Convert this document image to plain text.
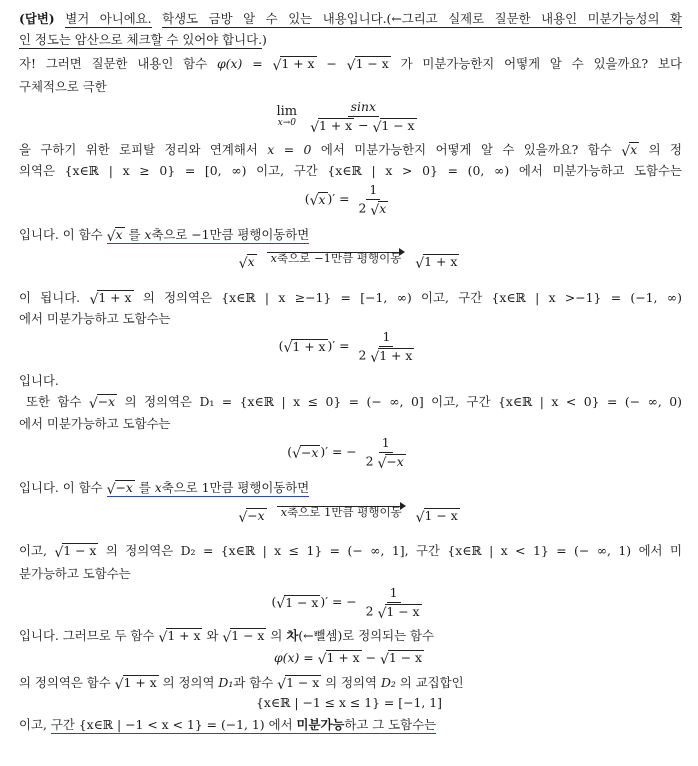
(답변) 별거 아니에요. 학생도 금방 알 수 있는 내용입니다.(←그리고 실제로 질문한 내용인 미분가능성의 확
인 정도는 암산으로 체크할 수 있어야 합니다.)
자! 그러면 질문한 내용인 함수 φ(x) = √ 1 + x − √ 1 − x 가 미분가능한지 어떻게 알 수 있을까요? 보다
구체적으로 극한
lim
x→0
$\frac{\sin x}{√ 1 + x - √ 1 - x}$
을 구하기 위한 로피탈 정리와 연계해서 x = 0 에서 미분가능한지 어떻게 알 수 있을까요? 함수 √ x 의 정
의역은 {x∈ℝ | x ≥ 0} = [0, ∞) 이고, 구간 {x∈ℝ | x > 0} = (0, ∞) 에서 미분가능하고 도함수는
( √ x )′ = $\frac{1}{2 √ x}$
입니다. 이 함수 √ x 를 x축으로 −1만큼 평행이동하면
√ x
	x축으로 −1만큼 평행이동
√ 1 + x
이 됩니다. √ 1 + x 의 정의역은 {x∈ℝ | x ≥−1} = [−1, ∞) 이고, 구간 {x∈ℝ | x >−1} = (−1, ∞)
에서 미분가능하고 도함수는
( √ 1 + x )′ = $\frac{1}{2 √ 1 + x}$
입니다.
또한 함수 √ −x 의 정의역은 D₁ = {x∈ℝ | x ≤ 0} = (− ∞, 0] 이고, 구간 {x∈ℝ | x < 0} = (− ∞, 0)
에서 미분가능하고 도함수는
( √ −x )′ = − $\frac{1}{2 √ -x}$
입니다. 이 함수 √ −x 를 x축으로 1만큼 평행이동하면
√ −x
	x축으로 1만큼 평행이동
√ 1 − x
이고, √ 1 − x 의 정의역은 D₂ = {x∈ℝ | x ≤ 1} = (− ∞, 1], 구간 {x∈ℝ | x < 1} = (− ∞, 1) 에서 미
분가능하고 도함수는
( √ 1 − x )′ = − $\frac{1}{2 √ 1 - x}$
입니다. 그러므로 두 함수 √ 1 + x 와 √ 1 − x 의 차(←뺄셈)로 정의되는 함수
φ(x) = √ 1 + x − √ 1 − x
의 정의역은 함수 √ 1 + x 의 정의역 D₁과 함수 √ 1 − x 의 정의역 D₂ 의 교집합인
{x∈ℝ | −1 ≤ x ≤ 1} = [−1, 1]
이고, 구간 {x∈ℝ | −1 < x < 1} = (−1, 1) 에서 미분가능하고 그 도함수는
